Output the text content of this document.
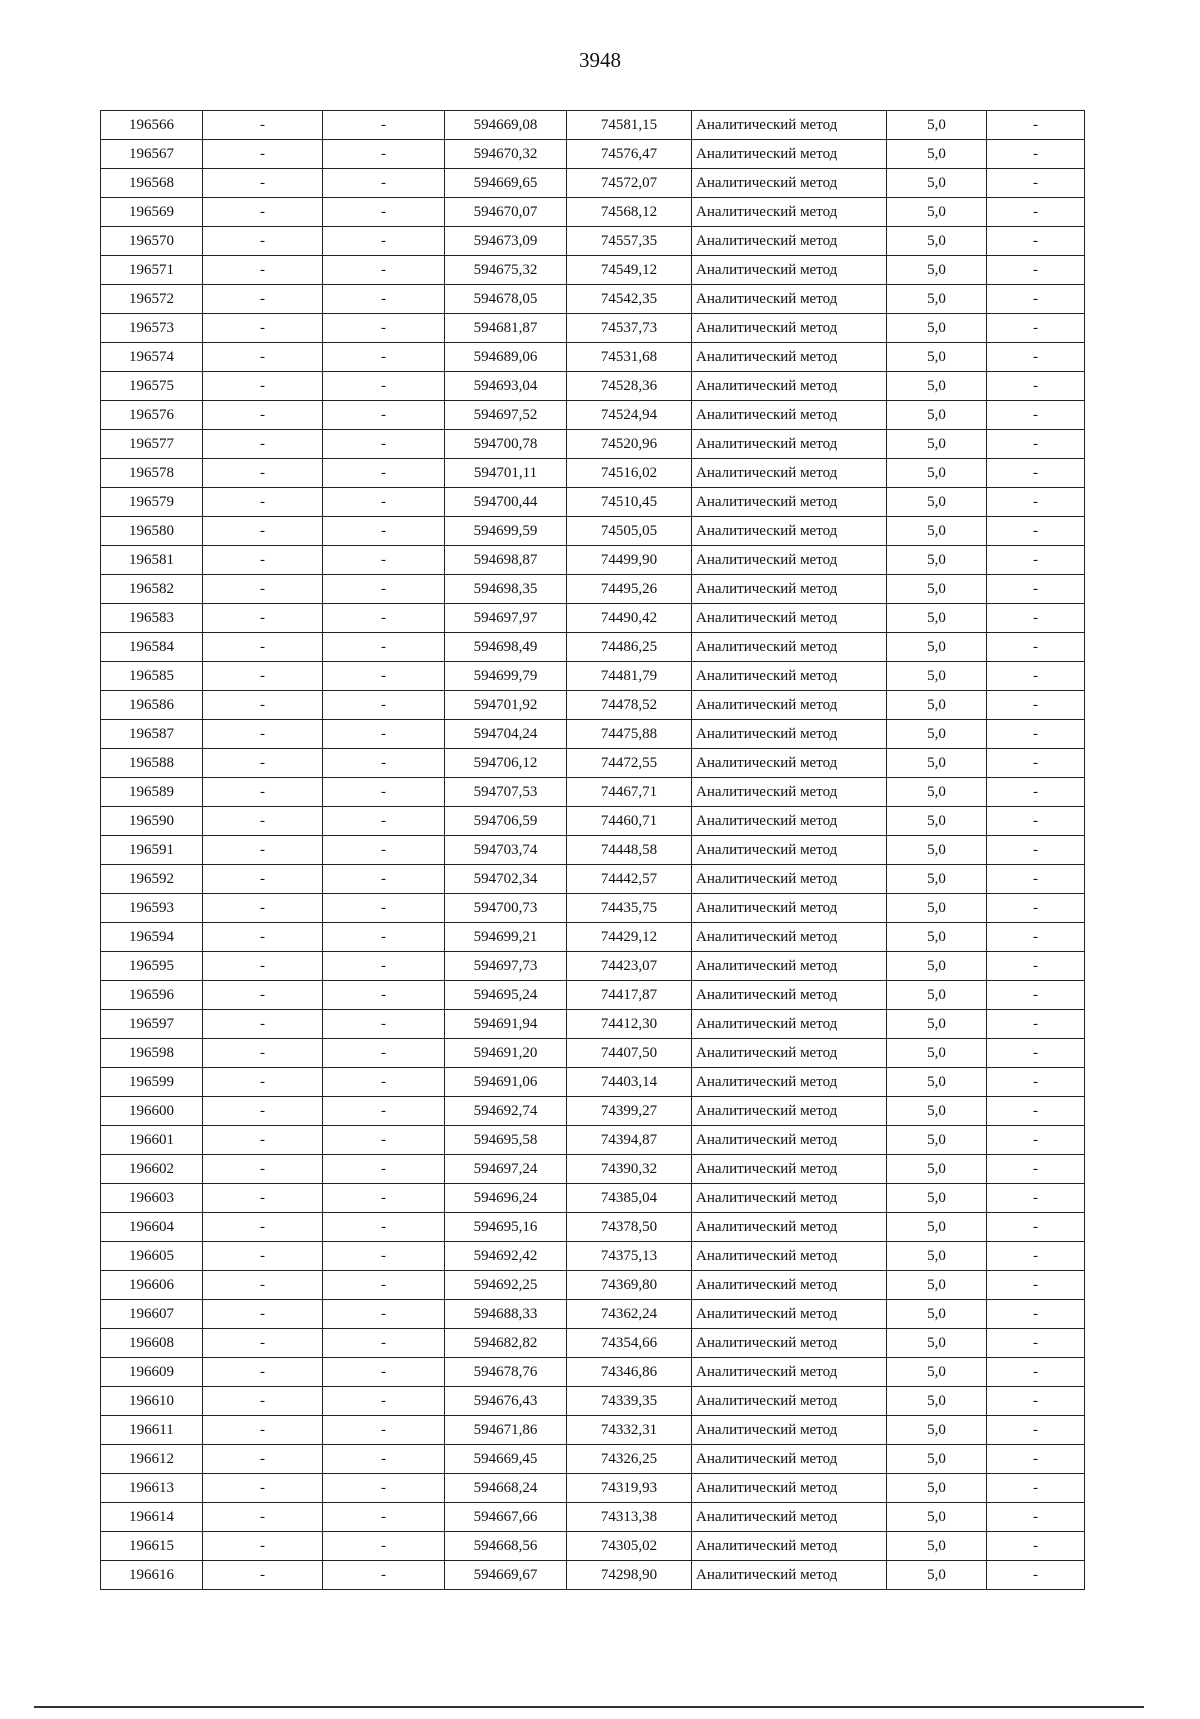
3948
196566	-	-	594669,08	74581,15	Аналитический метод	5,0	-
196567	-	-	594670,32	74576,47	Аналитический метод	5,0	-
196568	-	-	594669,65	74572,07	Аналитический метод	5,0	-
196569	-	-	594670,07	74568,12	Аналитический метод	5,0	-
196570	-	-	594673,09	74557,35	Аналитический метод	5,0	-
196571	-	-	594675,32	74549,12	Аналитический метод	5,0	-
196572	-	-	594678,05	74542,35	Аналитический метод	5,0	-
196573	-	-	594681,87	74537,73	Аналитический метод	5,0	-
196574	-	-	594689,06	74531,68	Аналитический метод	5,0	-
196575	-	-	594693,04	74528,36	Аналитический метод	5,0	-
196576	-	-	594697,52	74524,94	Аналитический метод	5,0	-
196577	-	-	594700,78	74520,96	Аналитический метод	5,0	-
196578	-	-	594701,11	74516,02	Аналитический метод	5,0	-
196579	-	-	594700,44	74510,45	Аналитический метод	5,0	-
196580	-	-	594699,59	74505,05	Аналитический метод	5,0	-
196581	-	-	594698,87	74499,90	Аналитический метод	5,0	-
196582	-	-	594698,35	74495,26	Аналитический метод	5,0	-
196583	-	-	594697,97	74490,42	Аналитический метод	5,0	-
196584	-	-	594698,49	74486,25	Аналитический метод	5,0	-
196585	-	-	594699,79	74481,79	Аналитический метод	5,0	-
196586	-	-	594701,92	74478,52	Аналитический метод	5,0	-
196587	-	-	594704,24	74475,88	Аналитический метод	5,0	-
196588	-	-	594706,12	74472,55	Аналитический метод	5,0	-
196589	-	-	594707,53	74467,71	Аналитический метод	5,0	-
196590	-	-	594706,59	74460,71	Аналитический метод	5,0	-
196591	-	-	594703,74	74448,58	Аналитический метод	5,0	-
196592	-	-	594702,34	74442,57	Аналитический метод	5,0	-
196593	-	-	594700,73	74435,75	Аналитический метод	5,0	-
196594	-	-	594699,21	74429,12	Аналитический метод	5,0	-
196595	-	-	594697,73	74423,07	Аналитический метод	5,0	-
196596	-	-	594695,24	74417,87	Аналитический метод	5,0	-
196597	-	-	594691,94	74412,30	Аналитический метод	5,0	-
196598	-	-	594691,20	74407,50	Аналитический метод	5,0	-
196599	-	-	594691,06	74403,14	Аналитический метод	5,0	-
196600	-	-	594692,74	74399,27	Аналитический метод	5,0	-
196601	-	-	594695,58	74394,87	Аналитический метод	5,0	-
196602	-	-	594697,24	74390,32	Аналитический метод	5,0	-
196603	-	-	594696,24	74385,04	Аналитический метод	5,0	-
196604	-	-	594695,16	74378,50	Аналитический метод	5,0	-
196605	-	-	594692,42	74375,13	Аналитический метод	5,0	-
196606	-	-	594692,25	74369,80	Аналитический метод	5,0	-
196607	-	-	594688,33	74362,24	Аналитический метод	5,0	-
196608	-	-	594682,82	74354,66	Аналитический метод	5,0	-
196609	-	-	594678,76	74346,86	Аналитический метод	5,0	-
196610	-	-	594676,43	74339,35	Аналитический метод	5,0	-
196611	-	-	594671,86	74332,31	Аналитический метод	5,0	-
196612	-	-	594669,45	74326,25	Аналитический метод	5,0	-
196613	-	-	594668,24	74319,93	Аналитический метод	5,0	-
196614	-	-	594667,66	74313,38	Аналитический метод	5,0	-
196615	-	-	594668,56	74305,02	Аналитический метод	5,0	-
196616	-	-	594669,67	74298,90	Аналитический метод	5,0	-
